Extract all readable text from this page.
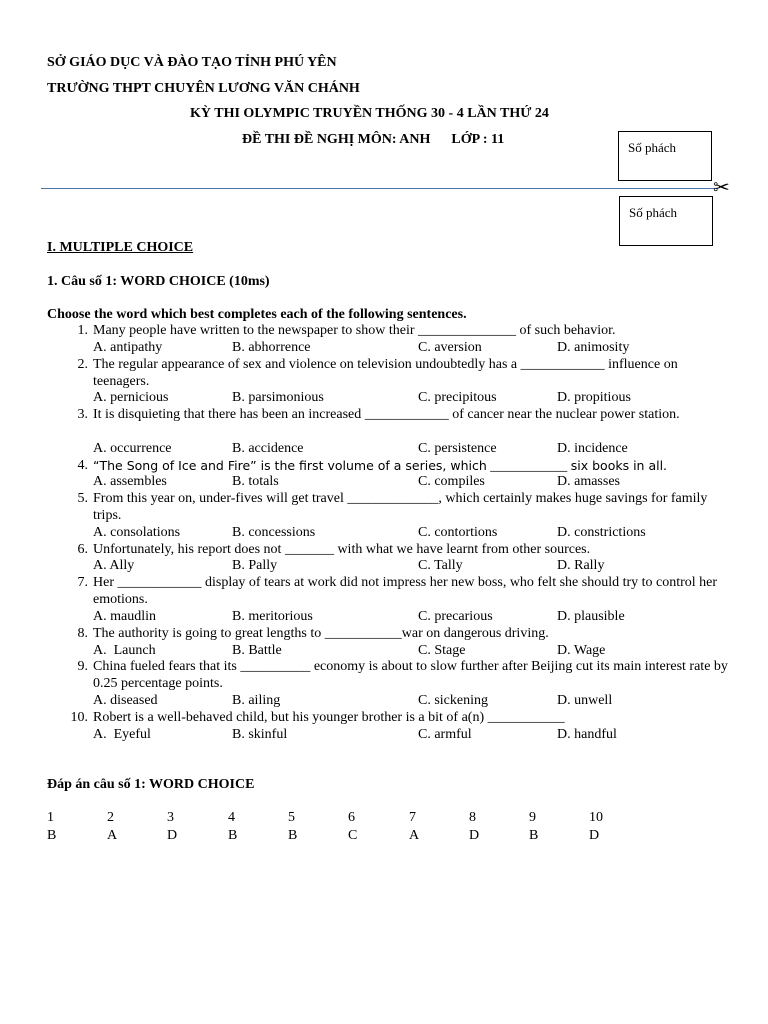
SỞ GIÁO DỤC VÀ ĐÀO TẠO TỈNH PHÚ YÊN
TRƯỜNG THPT CHUYÊN LƯƠNG VĂN CHÁNH
KỲ THI OLYMPIC TRUYỀN THỐNG 30 - 4 LẦN THỨ 24
ĐỀ THI ĐỀ NGHỊ MÔN: ANH      LỚP : 11
Số phách
✂
Số phách
I. MULTIPLE CHOICE
1. Câu số 1: WORD CHOICE (10ms)
Choose the word which best completes each of the following sentences.
1. Many people have written to the newspaper to show their ______________ of such behavior.
A. antipathy	B. abhorrence	C. aversion	D. animosity
2. The regular appearance of sex and violence on television undoubtedly has a ____________ influence on teenagers.
A. pernicious	B. parsimonious	C. precipitous	D. propitious
3. It is disquieting that there has been an increased ____________ of cancer near the nuclear power station.
A. occurrence	B. accidence	C. persistence	D. incidence
4. “The Song of Ice and Fire” is the first volume of a series, which ___________ six books in all.
A. assembles	B. totals	C. compiles	D. amasses
5. From this year on, under-fives will get travel _____________, which certainly makes huge savings for family trips.
A. consolations	B. concessions	C. contortions	D. constrictions
6. Unfortunately, his report does not _______ with what we have learnt from other sources.
A. Ally	B. Pally	C. Tally	D. Rally
7. Her ____________ display of tears at work did not impress her new boss, who felt she should try to control her emotions.
A. maudlin	B. meritorious	C. precarious	D. plausible
8. The authority is going to great lengths to ___________war on dangerous driving.
A.  Launch	B. Battle	C. Stage	D. Wage
9. China fueled fears that its __________ economy is about to slow further after Beijing cut its main interest rate by 0.25 percentage points.
A. diseased	B. ailing	C. sickening	D. unwell
10. Robert is a well-behaved child, but his younger brother is a bit of a(n) ___________
A.  Eyeful	B. skinful	C. armful	D. handful
Đáp án câu số 1: WORD CHOICE
1	2	3	4	5	6	7	8	9	10
B	A	D	B	B	C	A	D	B	D
